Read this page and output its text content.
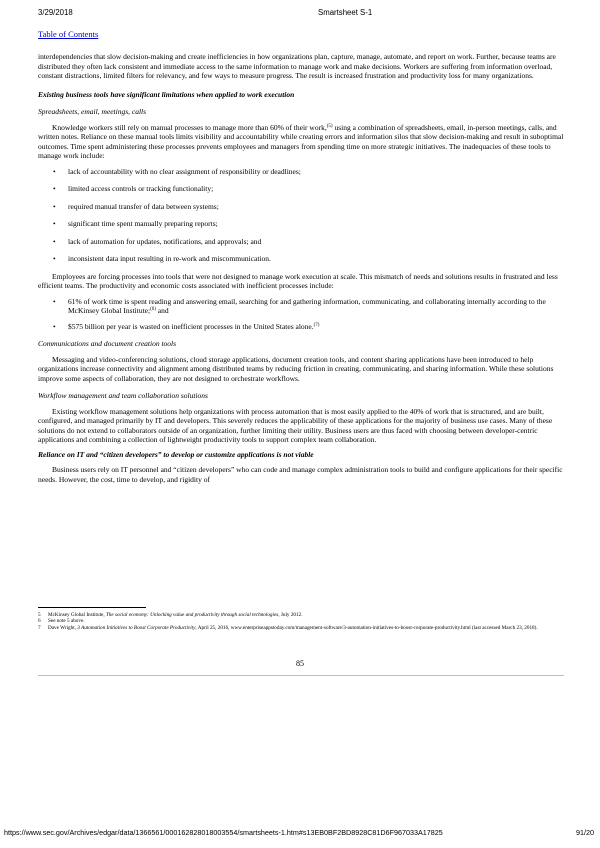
3/29/2018	Smartsheet S-1
Table of Contents

interdependencies that slow decision-making and create inefficiencies in how organizations plan, capture, manage, automate, and report on work. Further, because teams are distributed they often lack consistent and immediate access to the same information to manage work and make decisions. Workers are suffering from information overload, constant distractions, limited filters for relevancy, and few ways to measure progress. The result is increased frustration and productivity loss for many organizations.

Existing business tools have significant limitations when applied to work execution

Spreadsheets, email, meetings, calls

Knowledge workers still rely on manual processes to manage more than 60% of their work,$^{(5)}$ using a combination of spreadsheets, email, in-person meetings, calls, and written notes. Reliance on these manual tools limits visibility and accountability while creating errors and information silos that slow decision-making and result in suboptimal outcomes. Time spent administering these processes prevents employees and managers from spending time on more strategic initiatives. The inadequacies of these tools to manage work include:

• lack of accountability with no clear assignment of responsibility or deadlines;
• limited access controls or tracking functionality;
• required manual transfer of data between systems;
• significant time spent manually preparing reports;
• lack of automation for updates, notifications, and approvals; and
• inconsistent data input resulting in re-work and miscommunication.

Employees are forcing processes into tools that were not designed to manage work execution at scale. This mismatch of needs and solutions results in frustrated and less efficient teams. The productivity and economic costs associated with inefficient processes include:

• 61% of work time is spent reading and answering email, searching for and gathering information, communicating, and collaborating internally according to the McKinsey Global Institute;$^{(6)}$ and
• $575 billion per year is wasted on inefficient processes in the United States alone.$^{(7)}$

Communications and document creation tools

Messaging and video-conferencing solutions, cloud storage applications, document creation tools, and content sharing applications have been introduced to help organizations increase connectivity and alignment among distributed teams by reducing friction in creating, communicating, and sharing information. While these solutions improve some aspects of collaboration, they are not designed to orchestrate workflows.

Workflow management and team collaboration solutions

Existing workflow management solutions help organizations with process automation that is most easily applied to the 40% of work that is structured, and are built, configured, and managed primarily by IT and developers. This severely reduces the applicability of these applications for the majority of business use cases. Many of these solutions do not extend to collaborators outside of an organization, further limiting their utility. Business users are thus faced with choosing between developer-centric applications and combining a collection of lightweight productivity tools to support complex team collaboration.

Reliance on IT and “citizen developers” to develop or customize applications is not viable

Business users rely on IT personnel and “citizen developers” who can code and manage complex administration tools to build and configure applications for their specific needs. However, the cost, time to develop, and rigidity of

5 McKinsey Global Institute, The social economy: Unlocking value and productivity through social technologies, July 2012.
6 See note 5 above.
7 Dave Wright, 3 Automation Initiatives to Boost Corporate Productivity, April 25, 2016, www.enterpriseappstoday.com/management-software/3-automation-initiatives-to-boost-corporate-productivity.html (last accessed March 23, 2018).
85
https://www.sec.gov/Archives/edgar/data/1366561/000162828018003554/smartsheets-1.htm#s13EB0BF2BD8928C81D6F967033A17825	91/20
